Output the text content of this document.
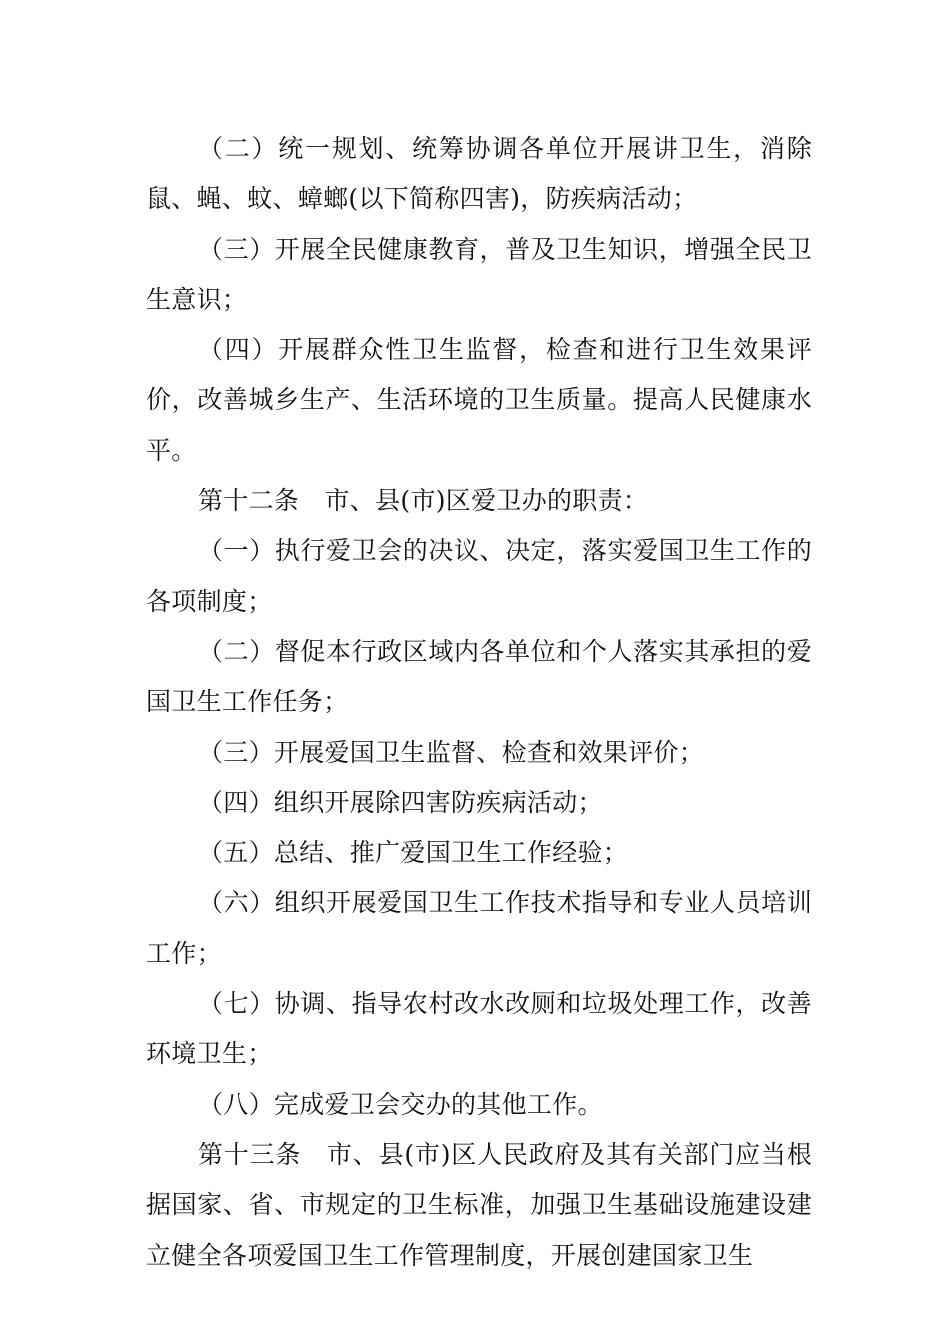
（二）统一规划、统筹协调各单位开展讲卫生，消除鼠、蝇、蚊、蟑螂(以下简称四害)，防疾病活动；

（三）开展全民健康教育，普及卫生知识，增强全民卫生意识；

（四）开展群众性卫生监督，检查和进行卫生效果评价，改善城乡生产、生活环境的卫生质量。提高人民健康水平。

第十二条　市、县(市)区爱卫办的职责：

（一）执行爱卫会的决议、决定，落实爱国卫生工作的各项制度；

（二）督促本行政区域内各单位和个人落实其承担的爱国卫生工作任务；

（三）开展爱国卫生监督、检查和效果评价；

（四）组织开展除四害防疾病活动；

（五）总结、推广爱国卫生工作经验；

（六）组织开展爱国卫生工作技术指导和专业人员培训工作；

（七）协调、指导农村改水改厕和垃圾处理工作，改善环境卫生；

（八）完成爱卫会交办的其他工作。

第十三条　市、县(市)区人民政府及其有关部门应当根据国家、省、市规定的卫生标准，加强卫生基础设施建设建立健全各项爱国卫生工作管理制度，开展创建国家卫生
